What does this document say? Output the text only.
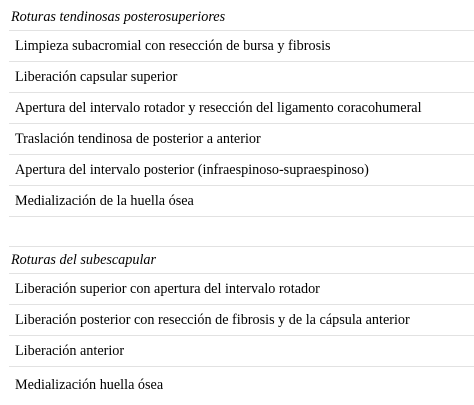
Roturas tendinosas posterosuperiores
Limpieza subacromial con resección de bursa y fibrosis
Liberación capsular superior
Apertura del intervalo rotador y resección del ligamento coracohumeral
Traslación tendinosa de posterior a anterior
Apertura del intervalo posterior (infraespinoso-supraespinoso)
Medialización de la huella ósea

Roturas del subescapular
Liberación superior con apertura del intervalo rotador
Liberación posterior con resección de fibrosis y de la cápsula anterior
Liberación anterior
Medialización huella ósea
